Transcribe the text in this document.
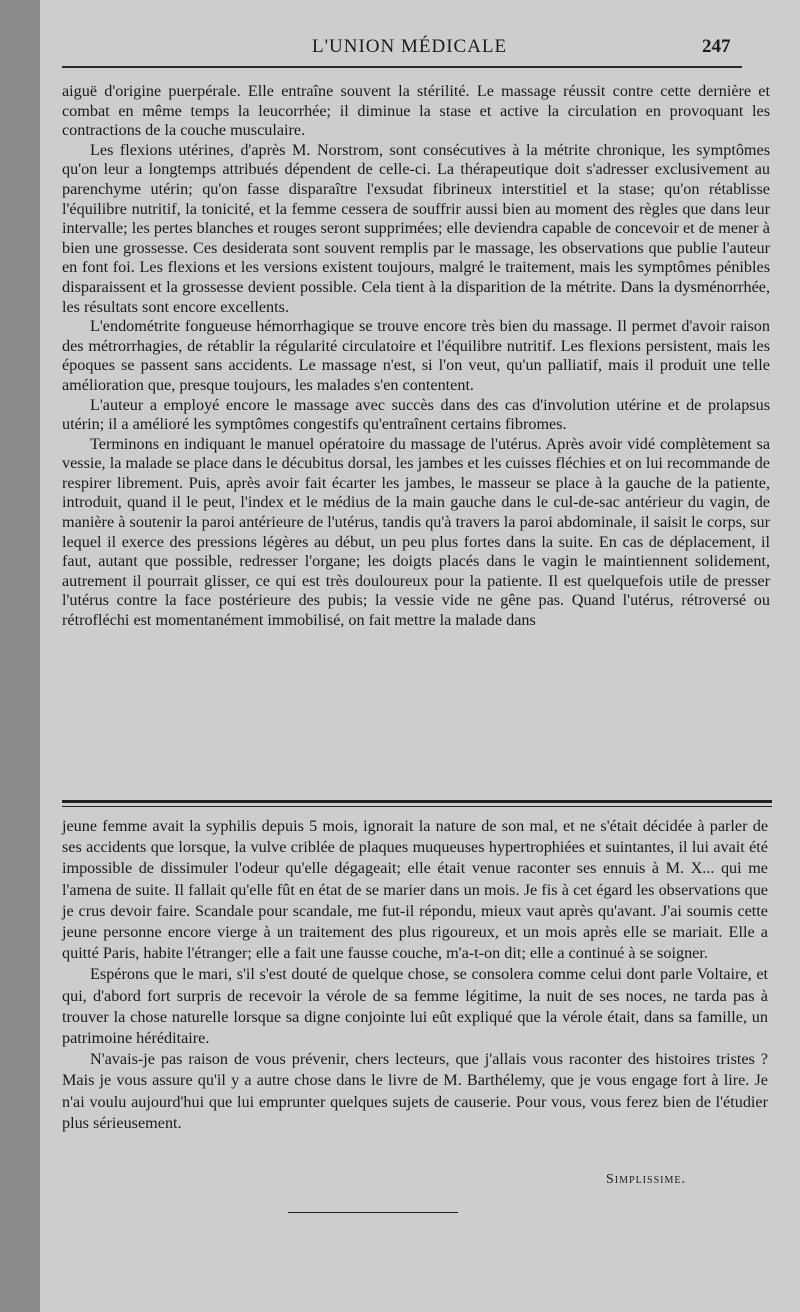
L'UNION MÉDICALE	247

aiguë d'origine puerpérale. Elle entraîne souvent la stérilité. Le massage réussit contre cette dernière et combat en même temps la leucorrhée; il diminue la stase et active la circulation en provoquant les contractions de la couche musculaire.

Les flexions utérines, d'après M. Norstrom, sont consécutives à la métrite chronique, les symptômes qu'on leur a longtemps attribués dépendent de celle-ci. La thérapeutique doit s'adresser exclusivement au parenchyme utérin; qu'on fasse disparaître l'exsudat fibrineux interstitiel et la stase; qu'on rétablisse l'équilibre nutritif, la tonicité, et la femme cessera de souffrir aussi bien au moment des règles que dans leur intervalle; les pertes blanches et rouges seront supprimées; elle deviendra capable de concevoir et de mener à bien une grossesse. Ces desiderata sont souvent remplis par le massage, les observations que publie l'auteur en font foi. Les flexions et les versions existent toujours, malgré le traitement, mais les symptômes pénibles disparaissent et la grossesse devient possible. Cela tient à la disparition de la métrite. Dans la dysménorrhée, les résultats sont encore excellents.

L'endométrite fongueuse hémorrhagique se trouve encore très bien du massage. Il permet d'avoir raison des métrorrhagies, de rétablir la régularité circulatoire et l'équilibre nutritif. Les flexions persistent, mais les époques se passent sans accidents. Le massage n'est, si l'on veut, qu'un palliatif, mais il produit une telle amélioration que, presque toujours, les malades s'en contentent.

L'auteur a employé encore le massage avec succès dans des cas d'involution utérine et de prolapsus utérin; il a amélioré les symptômes congestifs qu'entraînent certains fibromes.

Terminons en indiquant le manuel opératoire du massage de l'utérus. Après avoir vidé complètement sa vessie, la malade se place dans le décubitus dorsal, les jambes et les cuisses fléchies et on lui recommande de respirer librement. Puis, après avoir fait écarter les jambes, le masseur se place à la gauche de la patiente, introduit, quand il le peut, l'index et le médius de la main gauche dans le cul-de-sac antérieur du vagin, de manière à soutenir la paroi antérieure de l'utérus, tandis qu'à travers la paroi abdominale, il saisit le corps, sur lequel il exerce des pressions légères au début, un peu plus fortes dans la suite. En cas de déplacement, il faut, autant que possible, redresser l'organe; les doigts placés dans le vagin le maintiennent solidement, autrement il pourrait glisser, ce qui est très douloureux pour la patiente. Il est quelquefois utile de presser l'utérus contre la face postérieure des pubis; la vessie vide ne gêne pas. Quand l'utérus, rétroversé ou rétrofléchi est momentanément immobilisé, on fait mettre la malade dans

jeune femme avait la syphilis depuis 5 mois, ignorait la nature de son mal, et ne s'était décidée à parler de ses accidents que lorsque, la vulve criblée de plaques muqueuses hypertrophiées et suintantes, il lui avait été impossible de dissimuler l'odeur qu'elle dégageait; elle était venue raconter ses ennuis à M. X... qui me l'amena de suite. Il fallait qu'elle fût en état de se marier dans un mois. Je fis à cet égard les observations que je crus devoir faire. Scandale pour scandale, me fut-il répondu, mieux vaut après qu'avant. J'ai soumis cette jeune personne encore vierge à un traitement des plus rigoureux, et un mois après elle se mariait. Elle a quitté Paris, habite l'étranger; elle a fait une fausse couche, m'a-t-on dit; elle a continué à se soigner.

Espérons que le mari, s'il s'est douté de quelque chose, se consolera comme celui dont parle Voltaire, et qui, d'abord fort surpris de recevoir la vérole de sa femme légitime, la nuit de ses noces, ne tarda pas à trouver la chose naturelle lorsque sa digne conjointe lui eût expliqué que la vérole était, dans sa famille, un patrimoine héréditaire.

N'avais-je pas raison de vous prévenir, chers lecteurs, que j'allais vous raconter des histoires tristes ? Mais je vous assure qu'il y a autre chose dans le livre de M. Barthélemy, que je vous engage fort à lire. Je n'ai voulu aujourd'hui que lui emprunter quelques sujets de causerie. Pour vous, vous ferez bien de l'étudier plus sérieusement.

Simplissime.
